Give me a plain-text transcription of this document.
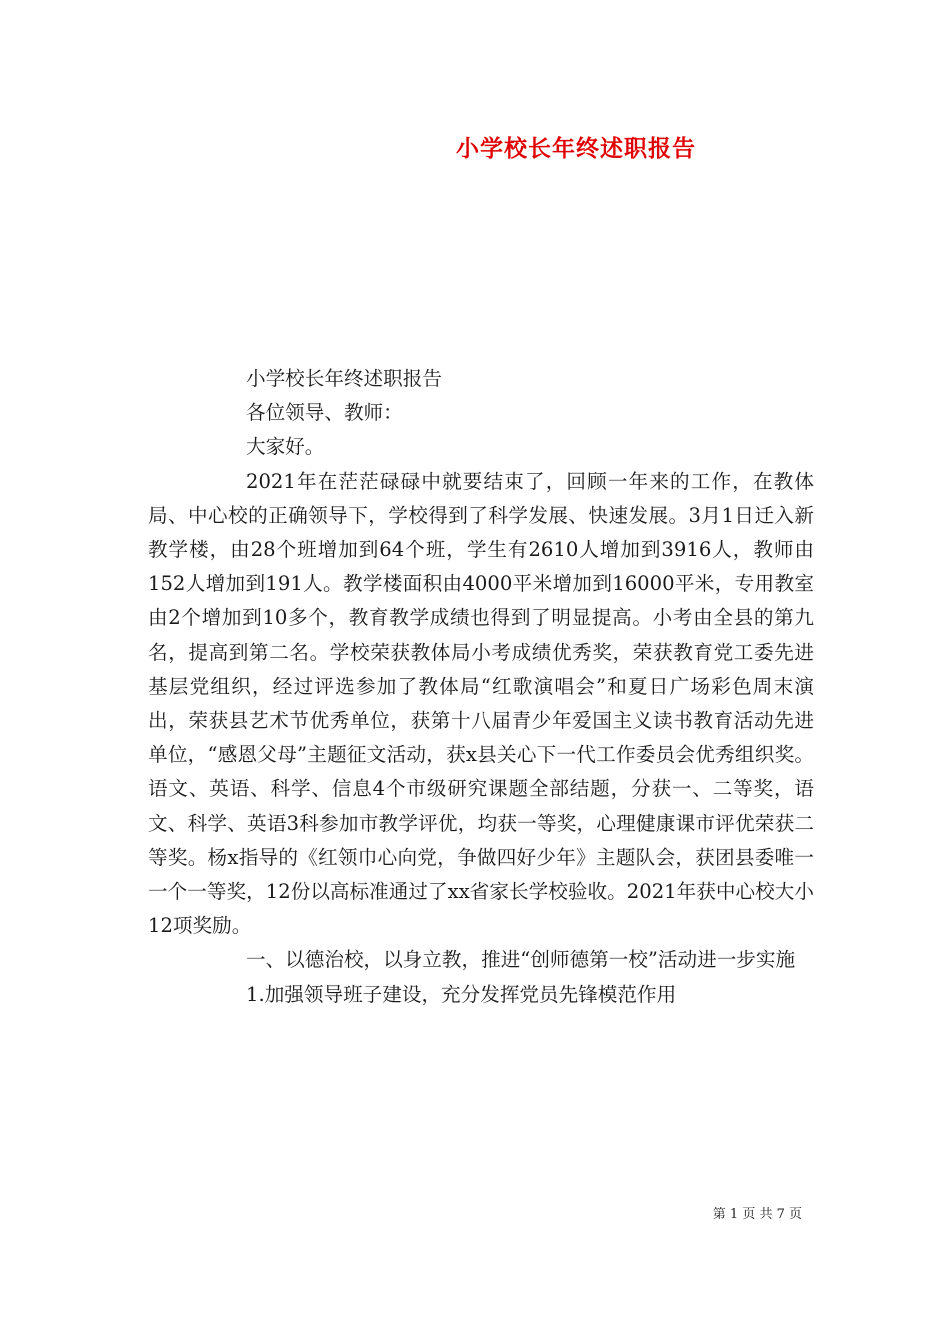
小学校长年终述职报告

小学校长年终述职报告

各位领导、教师：

大家好。

2021年在茫茫碌碌中就要结束了，回顾一年来的工作，在教体局、中心校的正确领导下，学校得到了科学发展、快速发展。3月1日迁入新教学楼，由28个班增加到64个班，学生有2610人增加到3916人，教师由152人增加到191人。教学楼面积由4000平米增加到16000平米，专用教室由2个增加到10多个，教育教学成绩也得到了明显提高。小考由全县的第九名，提高到第二名。学校荣获教体局小考成绩优秀奖，荣获教育党工委先进基层党组织，经过评选参加了教体局“红歌演唱会”和夏日广场彩色周末演出，荣获县艺术节优秀单位，获第十八届青少年爱国主义读书教育活动先进单位，“感恩父母”主题征文活动，获x县关心下一代工作委员会优秀组织奖。语文、英语、科学、信息4个市级研究课题全部结题，分获一、二等奖，语文、科学、英语3科参加市教学评优，均获一等奖，心理健康课市评优荣获二等奖。杨x指导的《红领巾心向党，争做四好少年》主题队会，获团县委唯一一个一等奖，12份以高标准通过了xx省家长学校验收。2021年获中心校大小12项奖励。

一、以德治校，以身立教，推进“创师德第一校”活动进一步实施

1.加强领导班子建设，充分发挥党员先锋模范作用

第 1 页 共 7 页
